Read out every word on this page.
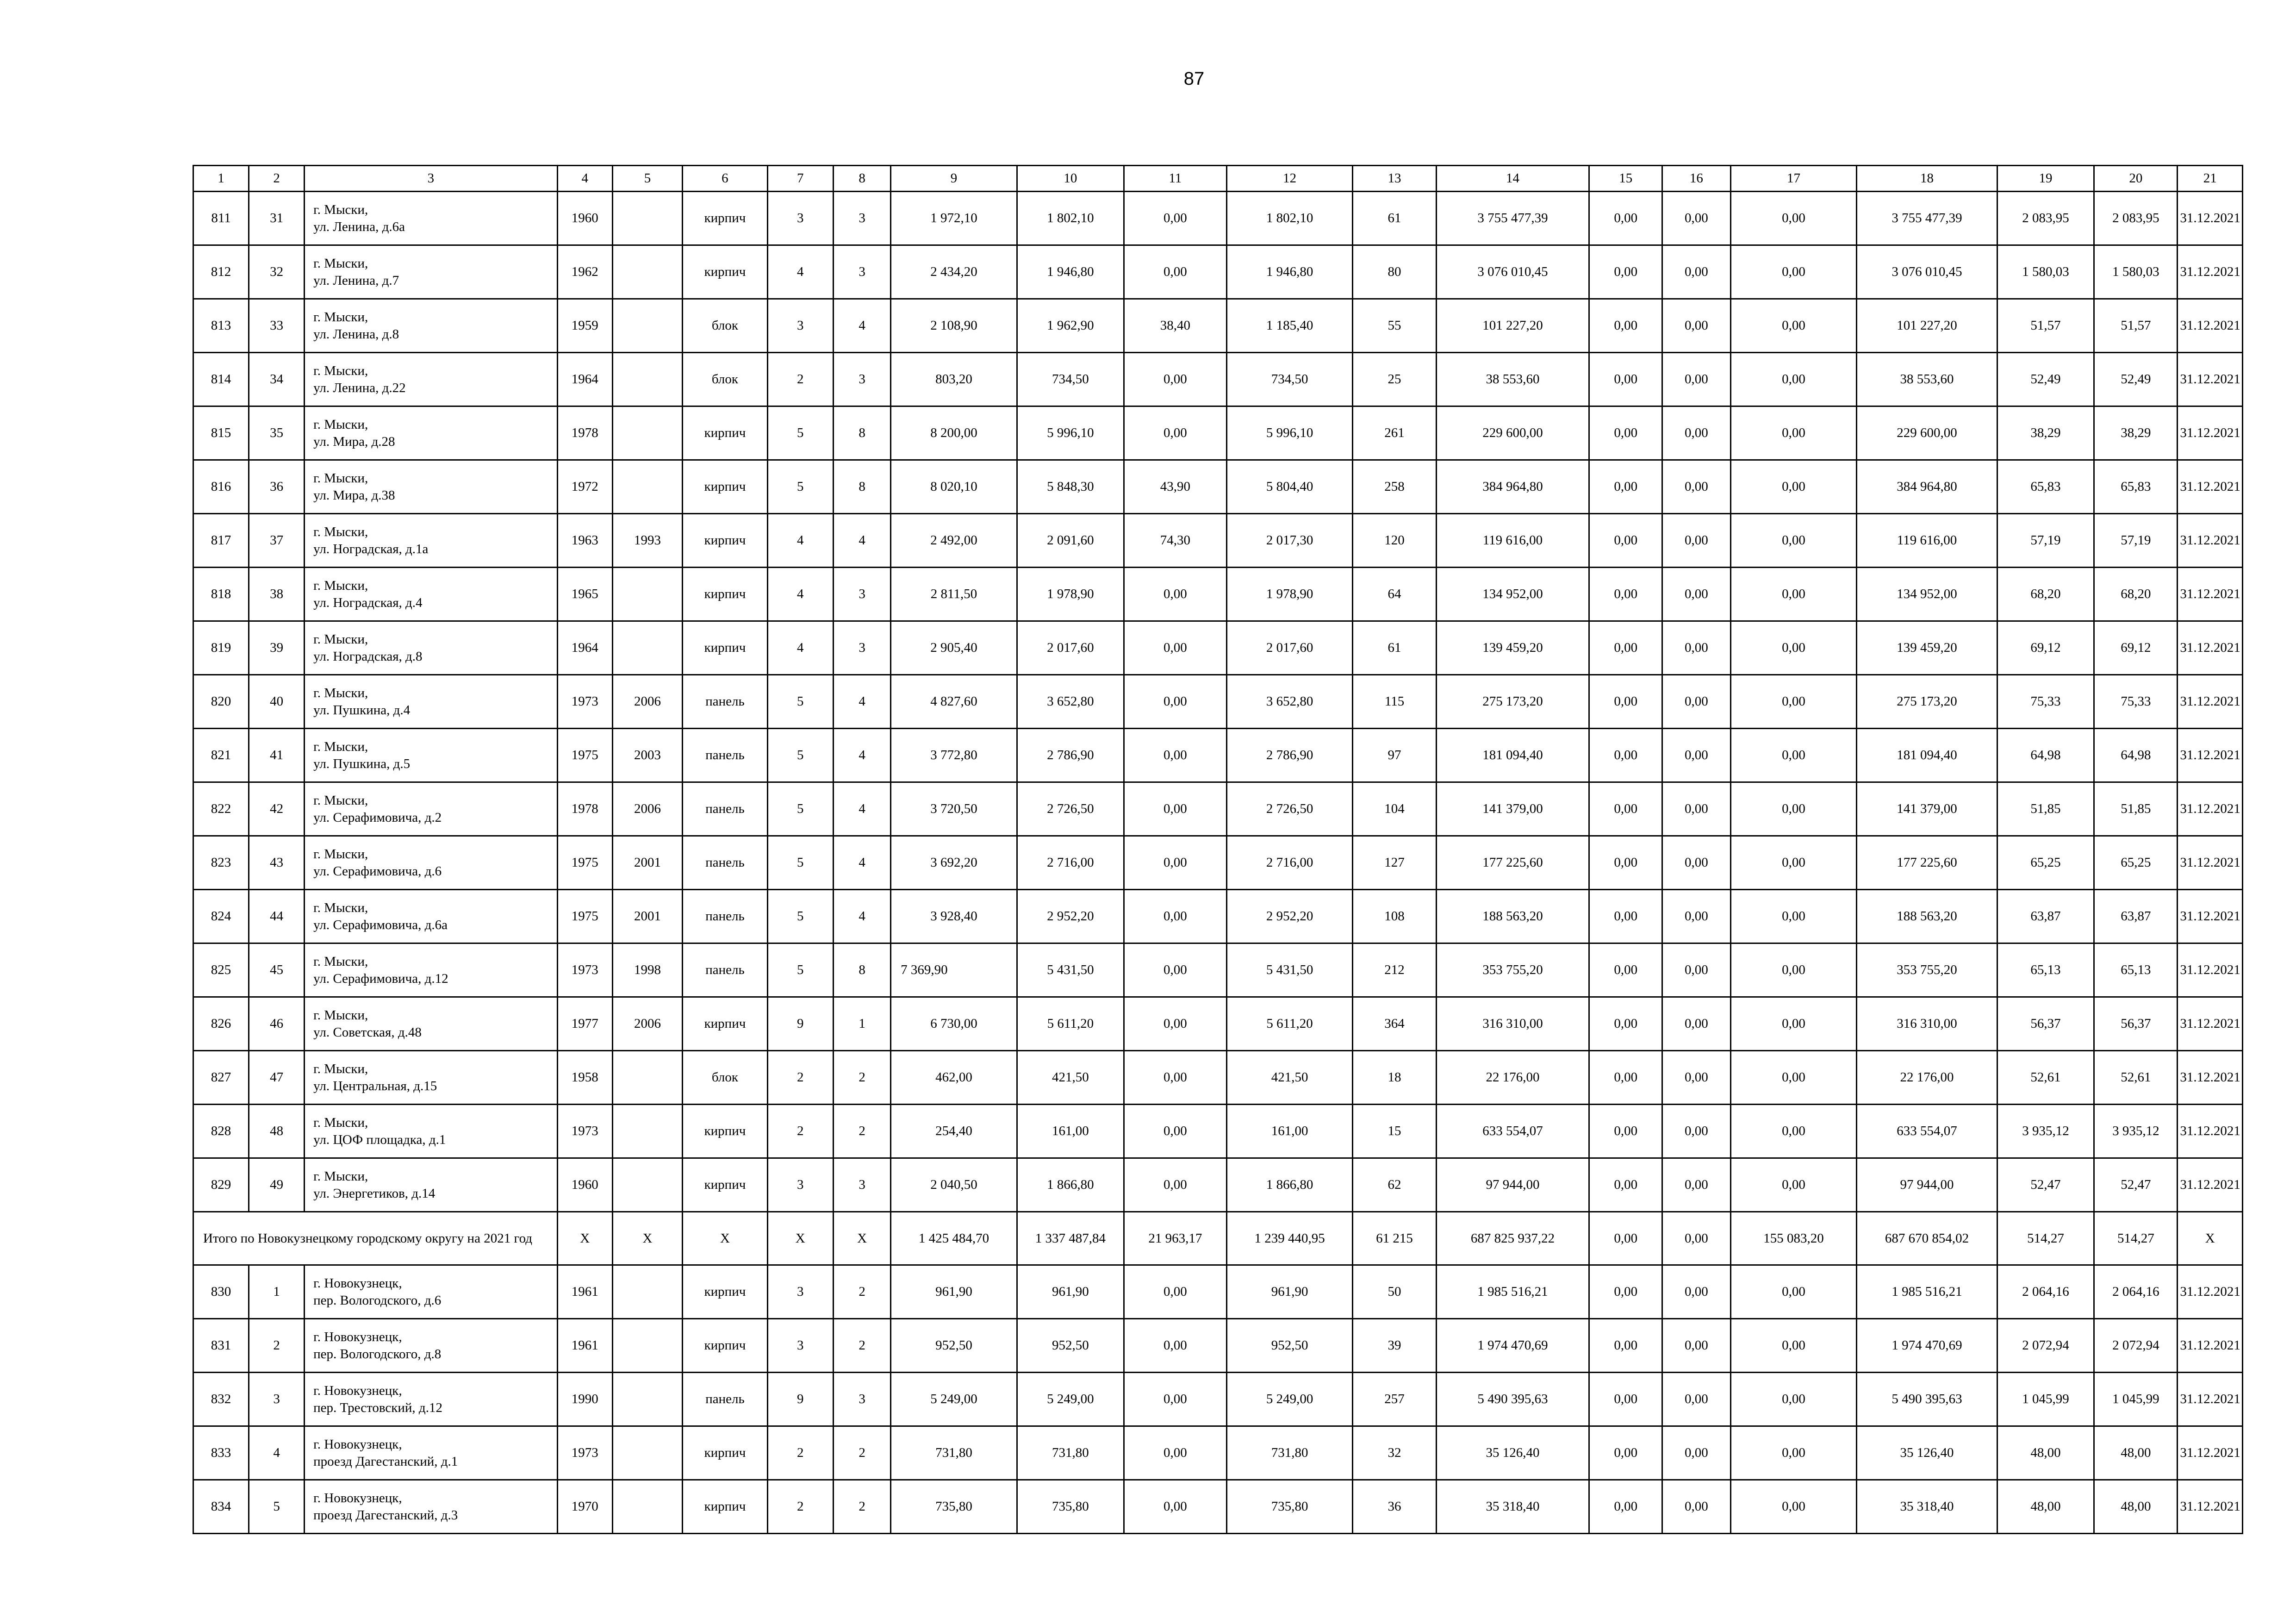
87
1	2	3	4	5	6	7	8	9	10	11	12	13	14	15	16	17	18	19	20	21
811	31	г. Мыски,
ул. Ленина, д.6а	1960		кирпич	3	3	1 972,10	1 802,10	0,00	1 802,10	61	3 755 477,39	0,00	0,00	0,00	3 755 477,39	2 083,95	2 083,95	31.12.2021
812	32	г. Мыски,
ул. Ленина, д.7	1962		кирпич	4	3	2 434,20	1 946,80	0,00	1 946,80	80	3 076 010,45	0,00	0,00	0,00	3 076 010,45	1 580,03	1 580,03	31.12.2021
813	33	г. Мыски,
ул. Ленина, д.8	1959		блок	3	4	2 108,90	1 962,90	38,40	1 185,40	55	101 227,20	0,00	0,00	0,00	101 227,20	51,57	51,57	31.12.2021
814	34	г. Мыски,
ул. Ленина, д.22	1964		блок	2	3	803,20	734,50	0,00	734,50	25	38 553,60	0,00	0,00	0,00	38 553,60	52,49	52,49	31.12.2021
815	35	г. Мыски,
ул. Мира, д.28	1978		кирпич	5	8	8 200,00	5 996,10	0,00	5 996,10	261	229 600,00	0,00	0,00	0,00	229 600,00	38,29	38,29	31.12.2021
816	36	г. Мыски,
ул. Мира, д.38	1972		кирпич	5	8	8 020,10	5 848,30	43,90	5 804,40	258	384 964,80	0,00	0,00	0,00	384 964,80	65,83	65,83	31.12.2021
817	37	г. Мыски,
ул. Ноградская, д.1а	1963	1993	кирпич	4	4	2 492,00	2 091,60	74,30	2 017,30	120	119 616,00	0,00	0,00	0,00	119 616,00	57,19	57,19	31.12.2021
818	38	г. Мыски,
ул. Ноградская, д.4	1965		кирпич	4	3	2 811,50	1 978,90	0,00	1 978,90	64	134 952,00	0,00	0,00	0,00	134 952,00	68,20	68,20	31.12.2021
819	39	г. Мыски,
ул. Ноградская, д.8	1964		кирпич	4	3	2 905,40	2 017,60	0,00	2 017,60	61	139 459,20	0,00	0,00	0,00	139 459,20	69,12	69,12	31.12.2021
820	40	г. Мыски,
ул. Пушкина, д.4	1973	2006	панель	5	4	4 827,60	3 652,80	0,00	3 652,80	115	275 173,20	0,00	0,00	0,00	275 173,20	75,33	75,33	31.12.2021
821	41	г. Мыски,
ул. Пушкина, д.5	1975	2003	панель	5	4	3 772,80	2 786,90	0,00	2 786,90	97	181 094,40	0,00	0,00	0,00	181 094,40	64,98	64,98	31.12.2021
822	42	г. Мыски,
ул. Серафимовича, д.2	1978	2006	панель	5	4	3 720,50	2 726,50	0,00	2 726,50	104	141 379,00	0,00	0,00	0,00	141 379,00	51,85	51,85	31.12.2021
823	43	г. Мыски,
ул. Серафимовича, д.6	1975	2001	панель	5	4	3 692,20	2 716,00	0,00	2 716,00	127	177 225,60	0,00	0,00	0,00	177 225,60	65,25	65,25	31.12.2021
824	44	г. Мыски,
ул. Серафимовича, д.6а	1975	2001	панель	5	4	3 928,40	2 952,20	0,00	2 952,20	108	188 563,20	0,00	0,00	0,00	188 563,20	63,87	63,87	31.12.2021
825	45	г. Мыски,
ул. Серафимовича, д.12	1973	1998	панель	5	8	7 369,90	5 431,50	0,00	5 431,50	212	353 755,20	0,00	0,00	0,00	353 755,20	65,13	65,13	31.12.2021
826	46	г. Мыски,
ул. Советская, д.48	1977	2006	кирпич	9	1	6 730,00	5 611,20	0,00	5 611,20	364	316 310,00	0,00	0,00	0,00	316 310,00	56,37	56,37	31.12.2021
827	47	г. Мыски,
ул. Центральная, д.15	1958		блок	2	2	462,00	421,50	0,00	421,50	18	22 176,00	0,00	0,00	0,00	22 176,00	52,61	52,61	31.12.2021
828	48	г. Мыски,
ул. ЦОФ площадка, д.1	1973		кирпич	2	2	254,40	161,00	0,00	161,00	15	633 554,07	0,00	0,00	0,00	633 554,07	3 935,12	3 935,12	31.12.2021
829	49	г. Мыски,
ул. Энергетиков, д.14	1960		кирпич	3	3	2 040,50	1 866,80	0,00	1 866,80	62	97 944,00	0,00	0,00	0,00	97 944,00	52,47	52,47	31.12.2021
Итого по Новокузнецкому городскому округу на 2021 год			X	X	X	X	X	1 425 484,70	1 337 487,84	21 963,17	1 239 440,95	61 215	687 825 937,22	0,00	0,00	155 083,20	687 670 854,02	514,27	514,27	X
830	1	г. Новокузнецк,
пер. Вологодского, д.6	1961		кирпич	3	2	961,90	961,90	0,00	961,90	50	1 985 516,21	0,00	0,00	0,00	1 985 516,21	2 064,16	2 064,16	31.12.2021
831	2	г. Новокузнецк,
пер. Вологодского, д.8	1961		кирпич	3	2	952,50	952,50	0,00	952,50	39	1 974 470,69	0,00	0,00	0,00	1 974 470,69	2 072,94	2 072,94	31.12.2021
832	3	г. Новокузнецк,
пер. Трестовский, д.12	1990		панель	9	3	5 249,00	5 249,00	0,00	5 249,00	257	5 490 395,63	0,00	0,00	0,00	5 490 395,63	1 045,99	1 045,99	31.12.2021
833	4	г. Новокузнецк,
проезд Дагестанский, д.1	1973		кирпич	2	2	731,80	731,80	0,00	731,80	32	35 126,40	0,00	0,00	0,00	35 126,40	48,00	48,00	31.12.2021
834	5	г. Новокузнецк,
проезд Дагестанский, д.3	1970		кирпич	2	2	735,80	735,80	0,00	735,80	36	35 318,40	0,00	0,00	0,00	35 318,40	48,00	48,00	31.12.2021
